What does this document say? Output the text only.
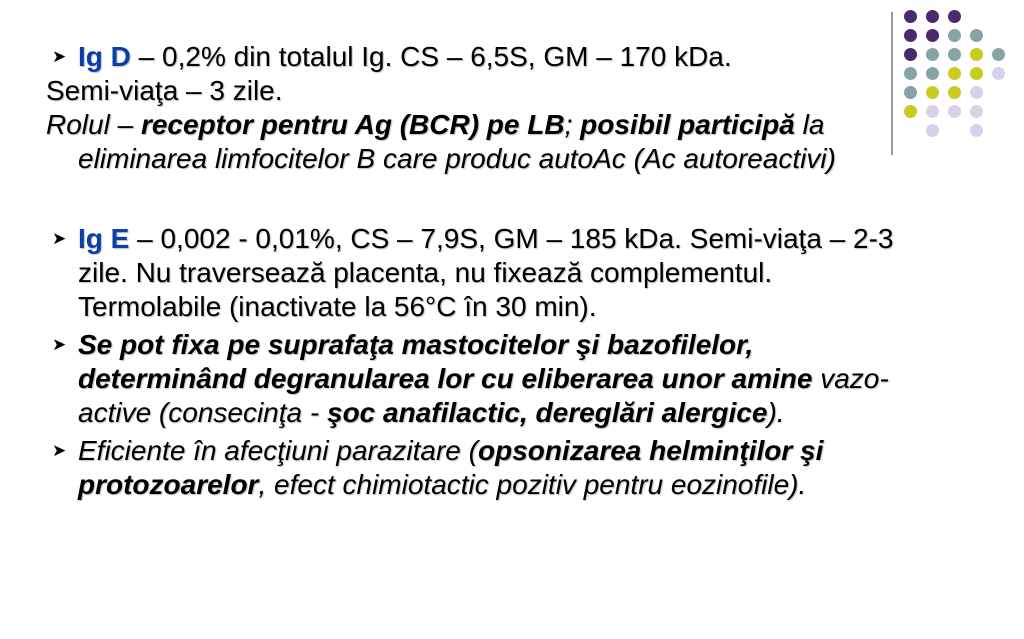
➤ Ig D – 0,2% din totalul Ig. CS – 6,5S, GM – 170 kDa.

Semi-viaţa – 3 zile.

Rolul – receptor pentru Ag (BCR) pe LB; posibil participă la eliminarea limfocitelor B care produc autoAc (Ac autoreactivi)

➤ Ig E – 0,002 - 0,01%, CS – 7,9S, GM – 185 kDa. Semi-viaţa – 2-3 zile. Nu traversează placenta, nu fixează complementul. Termolabile (inactivate la 56°C în 30 min).

➤ Se pot fixa pe suprafaţa mastocitelor şi bazofilelor, determinând degranularea lor cu eliberarea unor amine vazo-active (consecinţa - şoc anafilactic, dereglări alergice).

➤ Eficiente în afecţiuni parazitare (opsonizarea helminţilor şi protozoarelor, efect chimiotactic pozitiv pentru eozinofile).
